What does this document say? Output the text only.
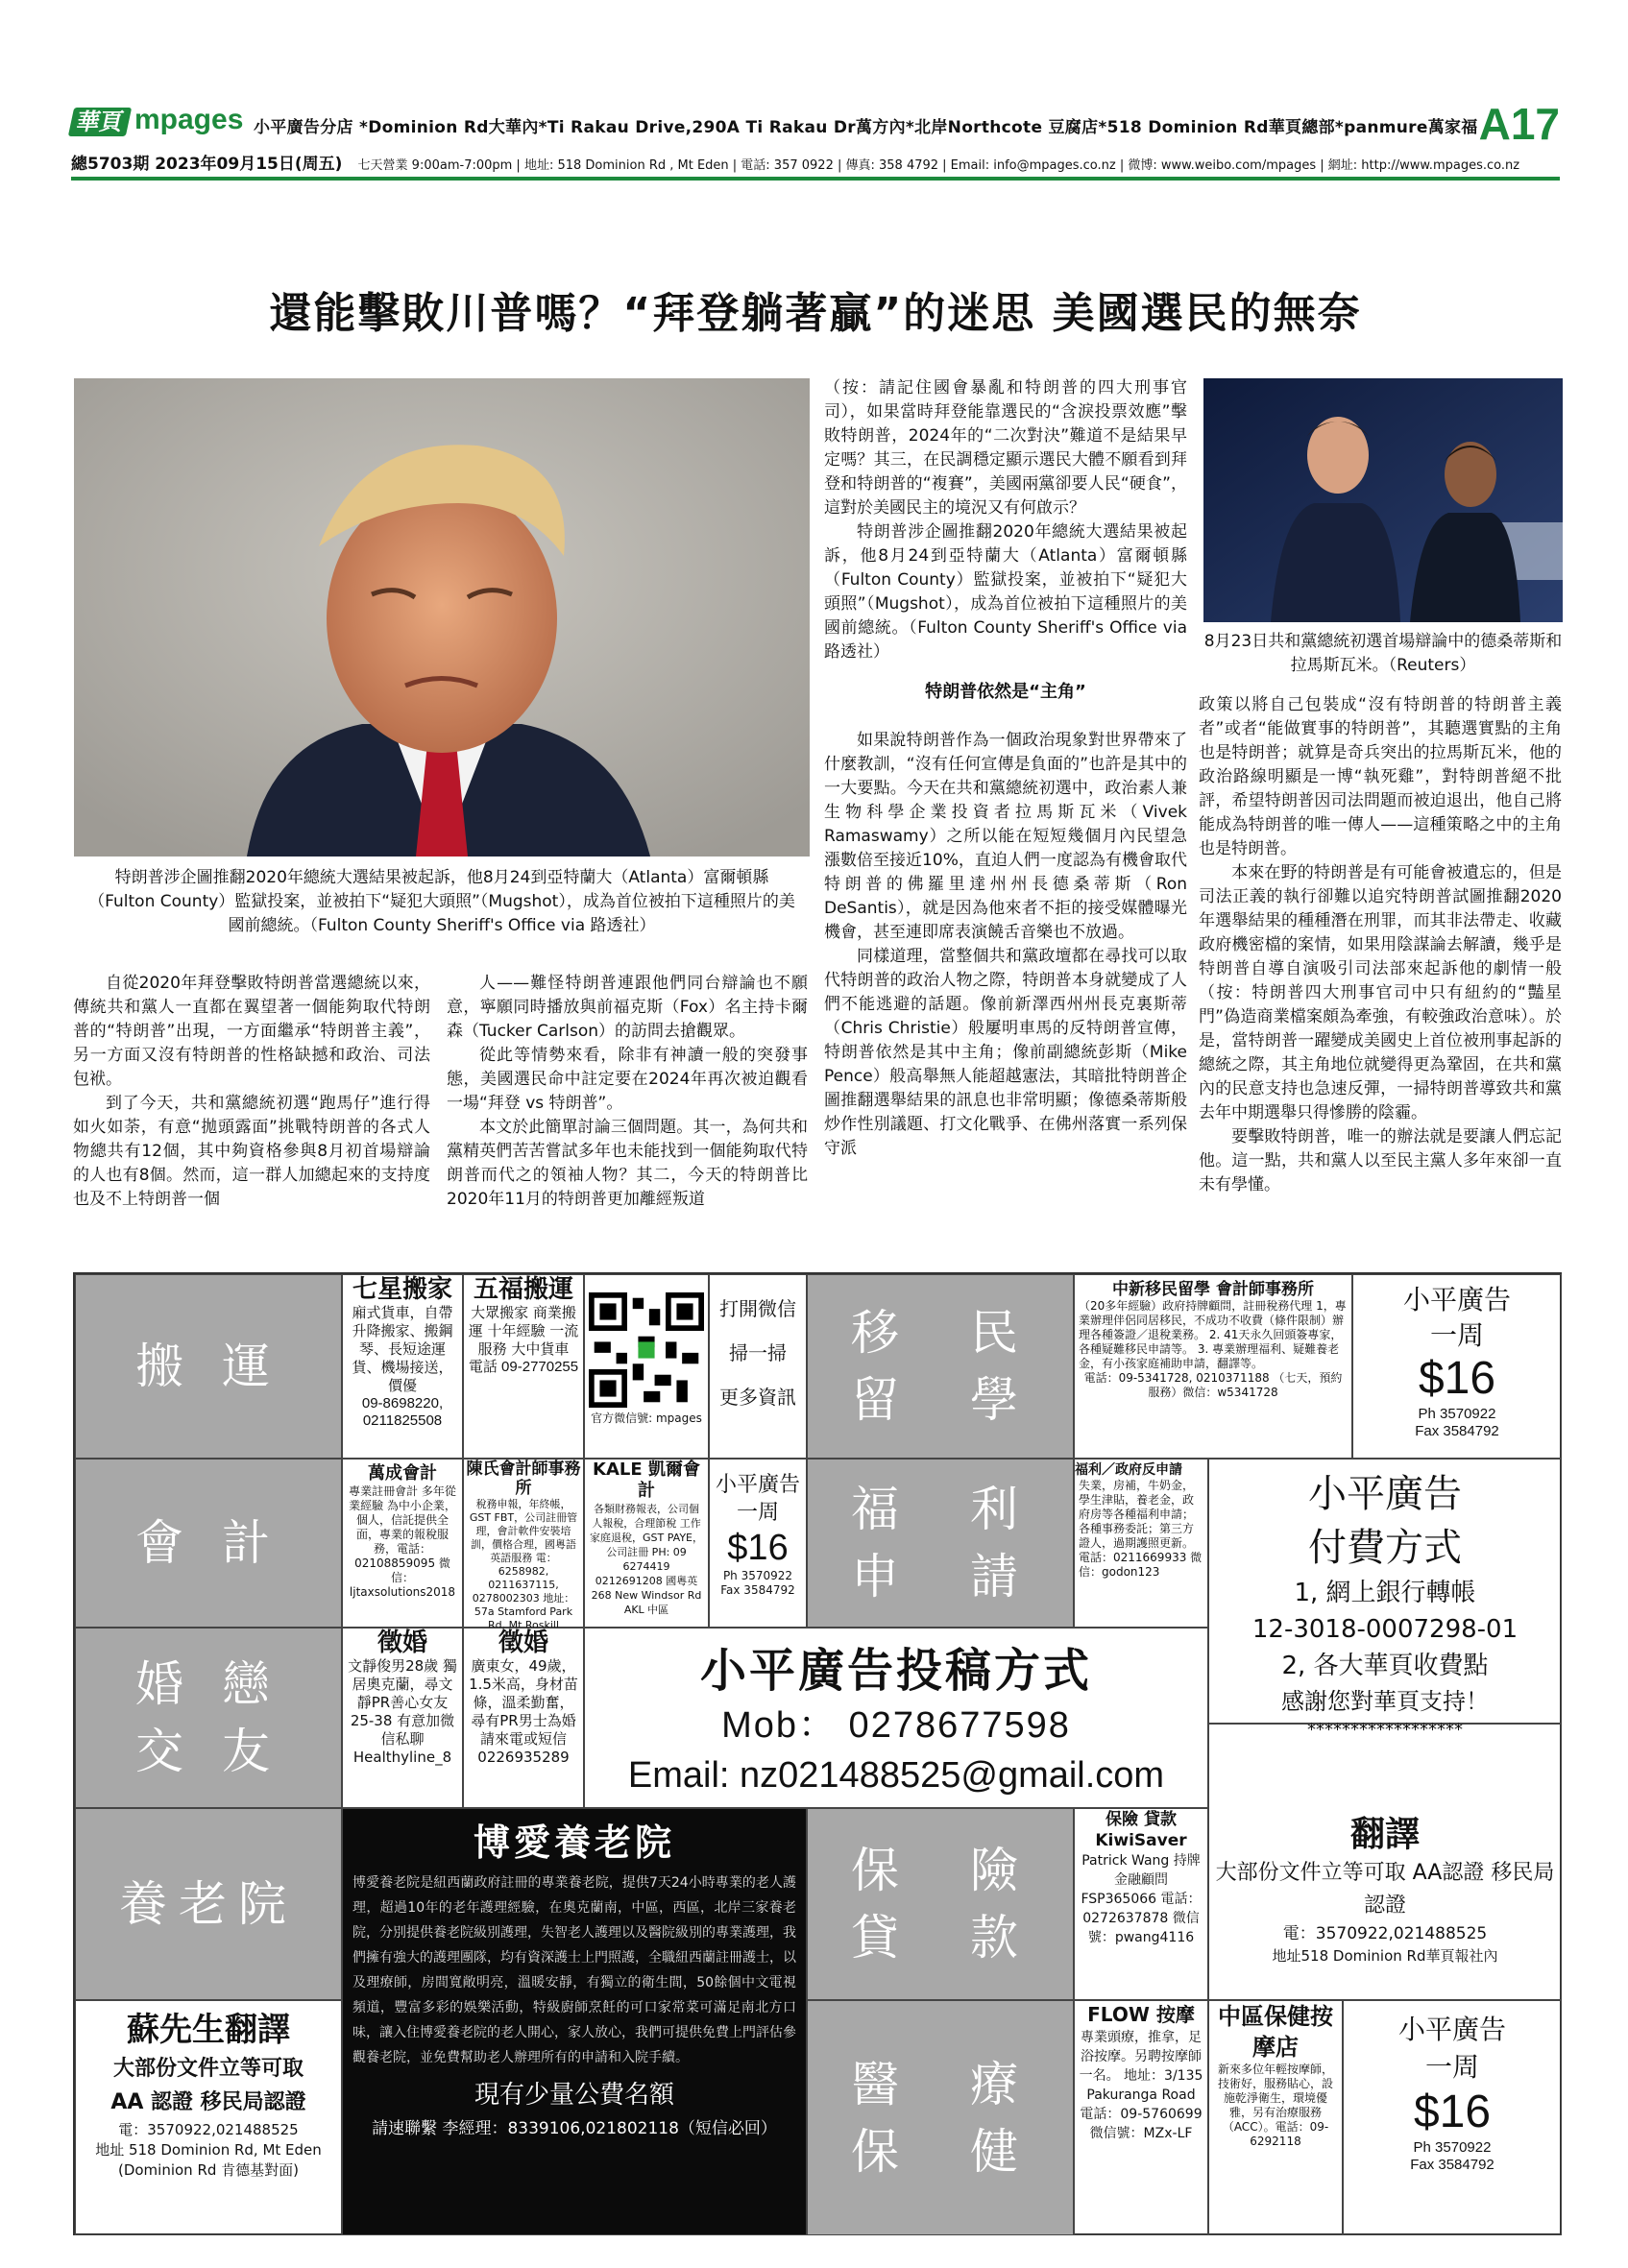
華頁 mpages 小平廣告分店 *Dominion Rd大華內*Ti Rakau Drive,290A Ti Rakau Dr萬方內*北岸Northcote 豆腐店*518 Dominion Rd華頁總部*panmure萬家福 A17
總5703期 2023年09月15日(周五) 七天營業 9:00am-7:00pm | 地址: 518 Dominion Rd , Mt Eden | 電話: 357 0922 | 傳真: 358 4792 | Email: info@mpages.co.nz | 微博: www.weibo.com/mpages | 網址: http://www.mpages.co.nz
還能擊敗川普嗎？“拜登躺著贏”的迷思 美國選民的無奈
特朗普涉企圖推翻2020年總統大選結果被起訴，他8月24到亞特蘭大（Atlanta）富爾頓縣（Fulton County）監獄投案，並被拍下“疑犯大頭照”（Mugshot），成為首位被拍下這種照片的美國前總統。（Fulton County Sheriff's Office via 路透社）
8月23日共和黨總統初選首場辯論中的德桑蒂斯和拉馬斯瓦米。（Reuters）

自從2020年拜登擊敗特朗普當選總統以來，傳統共和黨人一直都在翼望著一個能夠取代特朗普的“特朗普”出現，一方面繼承“特朗普主義”，另一方面又沒有特朗普的性格缺撼和政治、司法包袱。

到了今天，共和黨總統初選“跑馬仔”進行得如火如荼，有意“拋頭露面”挑戰特朗普的各式人物總共有12個，其中夠資格參與8月初首場辯論的人也有8個。然而，這一群人加總起來的支持度也及不上特朗普一個

人——難怪特朗普連跟他們同台辯論也不願意，寧願同時播放與前福克斯（Fox）名主持卡爾森（Tucker Carlson）的訪問去搶觀眾。

從此等情勢來看，除非有神讀一般的突發事態，美國選民命中註定要在2024年再次被迫觀看一場“拜登 vs 特朗普”。

本文於此簡單討論三個問題。其一，為何共和黨精英們苦苦嘗試多年也未能找到一個能夠取代特朗普而代之的領袖人物？其二，今天的特朗普比2020年11月的特朗普更加離經叛道

（按：請記住國會暴亂和特朗普的四大刑事官司），如果當時拜登能靠選民的“含淚投票效應”擊敗特朗普，2024年的“二次對決”難道不是結果早定嗎？其三，在民調穩定顯示選民大體不願看到拜登和特朗普的“複賽”，美國兩黨卻要人民“硬食”，這對於美國民主的境況又有何啟示？

特朗普涉企圖推翻2020年總統大選結果被起訴，他8月24到亞特蘭大（Atlanta）富爾頓縣（Fulton County）監獄投案，並被拍下“疑犯大頭照”（Mugshot），成為首位被拍下這種照片的美國前總統。（Fulton County Sheriff's Office via 路透社）

特朗普依然是“主角”

如果說特朗普作為一個政治現象對世界帶來了什麼教訓，“沒有任何宣傳是負面的”也許是其中的一大要點。今天在共和黨總統初選中，政治素人兼生物科學企業投資者拉馬斯瓦米（Vivek Ramaswamy）之所以能在短短幾個月內民望急漲數倍至接近10%，直迫人們一度認為有機會取代特朗普的佛羅里達州州長德桑蒂斯（Ron DeSantis），就是因為他來者不拒的接受媒體曝光機會，甚至連即席表演饒舌音樂也不放過。

同樣道理，當整個共和黨政壇都在尋找可以取代特朗普的政治人物之際，特朗普本身就變成了人們不能逃避的話題。像前新澤西州州長克裏斯蒂（Chris Christie）般屢明車馬的反特朗普宣傳，特朗普依然是其中主角；像前副總統彭斯（Mike Pence）般高舉無人能超越憲法，其暗批特朗普企圖推翻選舉結果的訊息也非常明顯；像德桑蒂斯般炒作性別議題、打文化戰爭、在佛州落實一系列保守派

政策以將自己包裝成“沒有特朗普的特朗普主義者”或者“能做實事的特朗普”，其聽選實點的主角也是特朗普；就算是奇兵突出的拉馬斯瓦米，他的政治路線明顯是一博“執死雞”，對特朗普絕不批評，希望特朗普因司法問題而被迫退出，他自己將能成為特朗普的唯一傳人——這種策略之中的主角也是特朗普。

本來在野的特朗普是有可能會被遺忘的，但是司法正義的執行卻難以追究特朗普試圖推翻2020年選舉結果的種種潛在刑罪，而其非法帶走、收藏政府機密檔的案情，如果用陰謀論去解讀，幾乎是特朗普自導自演吸引司法部來起訴他的劇情一般（按：特朗普四大刑事官司中只有紐約的“豔星門”偽造商業檔案頗為牽強，有較強政治意味）。於是，當特朗普一躍變成美國史上首位被刑事起訴的總統之際，其主角地位就變得更為鞏固，在共和黨內的民意支持也急速反彈，一掃特朗普導致共和黨去年中期選舉只得慘勝的陰霾。

要擊敗特朗普，唯一的辦法就是要讓人們忘記他。這一點，共和黨人以至民主黨人多年來卻一直未有學懂。

搬 運
七星搬家
廂式貨車，自帶升降搬家、搬鋼琴、長短途運貨、機場接送，價優
09-8698220, 0211825508
五福搬運
大眾搬家 商業搬運 十年經驗 一流服務 大中貨車
電話 09-2770255
官方微信號: mpages
打開微信
掃一掃
更多資訊
移　民
留　學
中新移民留學 會計師事務所
（20多年經驗）政府持牌顧問，註冊稅務代理 1，專業辦理伴侶同居移民，不成功不收費（條件限制）辦理各種簽證／退稅業務。 2. 41天永久回頭簽專家，各種疑難移民申請等。 3. 專業辦理福利、疑難養老金，有小孩家庭補助申請，翻譯等。
電話：09-5341728, 0210371188 （七天，預約服務）微信：w5341728
小平廣告
一周
$16
Ph 3570922
Fax 3584792
會 計
萬成會計
專業註冊會計 多年從業經驗 為中小企業，個人，信託提供全面，專業的報稅服務，電話：02108859095 微 信：ljtaxsolutions2018
陳氏會計師事務所
稅務申報，年終帳，GST FBT，公司註冊管理，會計軟件安裝培訓，價格合理，國粵語英語服務 電：6258982, 0211637115, 0278002303 地址：57a Stamford Park Rd, Mt Roskill
KALE 凱爾會計
各類財務報表，公司個人報稅，合理節稅 工作家庭退稅，GST PAYE，公司註冊 PH: 09 6274419 0212691208 國粵英 268 New Windsor Rd AKL 中區
小平廣告
一周
$16
Ph 3570922
Fax 3584792
福　利
申　請
福利／政府反申請
失業，房補，牛奶金，學生津貼，養老金，政府房等各種福利申請；各種事務委託；第三方證人，過期護照更新。
電話：0211669933 微信：godon123
小平廣告
付費方式
1, 網上銀行轉帳
12-3018-0007298-01
2, 各大華頁收費點
感謝您對華頁支持！
******************
婚 戀
交 友
徵婚
文靜俊男28歲 獨居奧克蘭，尋文靜PR善心女友25-38 有意加微信私聊 Healthyline_8
徵婚
廣東女，49歲，1.5米高，身材苗條，溫柔勤奮，尋有PR男士為婚 請來電或短信 0226935289
小平廣告投稿方式
Mob： 0278677598
Email: nz021488525@gmail.com
養老院
博愛養老院
博愛養老院是紐西蘭政府註冊的專業養老院，提供7天24小時專業的老人護理，超過10年的老年護理經驗，在奧克蘭南，中區，西區，北岸三家養老院，分別提供養老院級別護理，失智老人護理以及醫院級別的專業護理，我們擁有強大的護理團隊，均有資深護士上門照護，全職紐西蘭註冊護士，以及理療師，房間寬敞明亮，溫暖安靜，有獨立的衛生間，50餘個中文電視頻道，豐富多彩的娛樂活動，特級廚師烹飪的可口家常菜可滿足南北方口味，讓入住博愛養老院的老人開心，家人放心，我們可提供免費上門評估參觀養老院，並免費幫助老人辦理所有的申請和入院手續。
現有少量公費名額
請速聯繫 李經理：8339106,021802118（短信必回）
保　險
貸　款
保險 貸款 KiwiSaver
Patrick Wang 持牌金融顧問 FSP365066 電話：0272637878 微信號：pwang4116
翻譯
大部份文件立等可取 AA認證 移民局認證
電：3570922,021488525
地址518 Dominion Rd華頁報社內
蘇先生翻譯
大部份文件立等可取
AA 認證 移民局認證
電：3570922,021488525
地址 518 Dominion Rd, Mt Eden
(Dominion Rd 肯德基對面)
醫　療
保　健
FLOW 按摩
專業頭療，推拿，足浴按摩。另聘按摩師一名。 地址：3/135 Pakuranga Road 電話：09-5760699 微信號：MZx-LF
中區保健按摩店
新來多位年輕按摩師，技術好，服務貼心，設施乾淨衛生，環境優雅，另有治療服務（ACC）。電話：09-6292118
小平廣告
一周
$16
Ph 3570922
Fax 3584792
